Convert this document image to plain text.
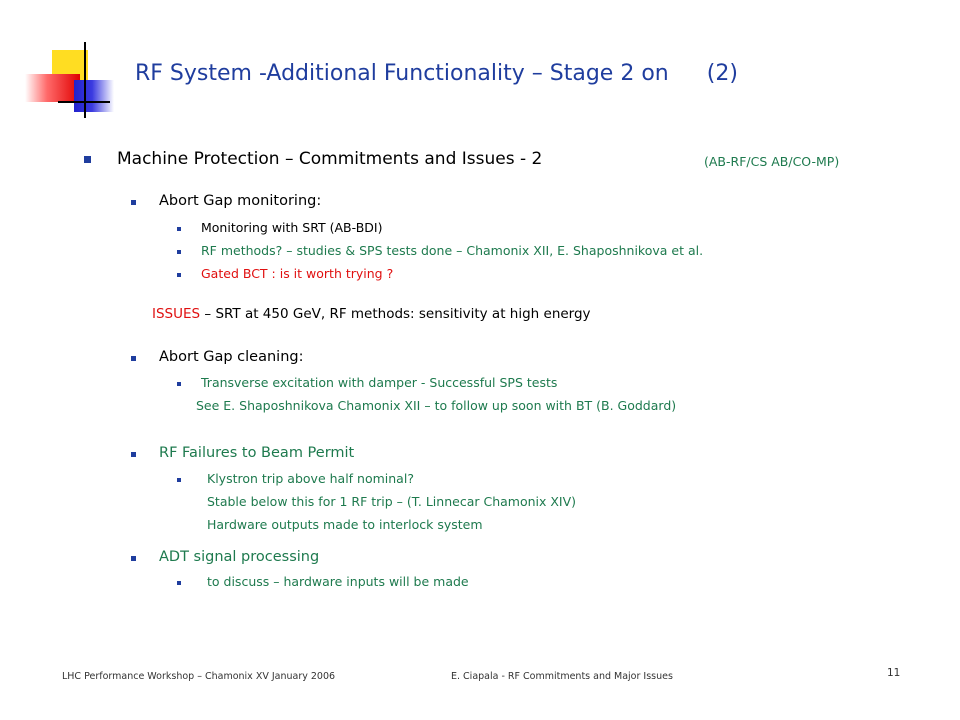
RF System -Additional Functionality – Stage 2 on (2)
Machine Protection – Commitments and Issues - 2	(AB-RF/CS AB/CO-MP)
Abort Gap monitoring:
Monitoring with SRT (AB-BDI)
RF methods? – studies & SPS tests done – Chamonix XII, E. Shaposhnikova et al.
Gated BCT : is it worth trying ?
ISSUES – SRT at 450 GeV, RF methods: sensitivity at high energy
Abort Gap cleaning:
Transverse excitation with damper - Successful SPS tests
See E. Shaposhnikova Chamonix XII – to follow up soon with BT (B. Goddard)
RF Failures to Beam Permit
Klystron trip above half nominal?
Stable below this for 1 RF trip – (T. Linnecar Chamonix XIV)
Hardware outputs made to interlock system
ADT signal processing
to discuss – hardware inputs will be made
LHC Performance Workshop – Chamonix XV January 2006	E. Ciapala - RF Commitments and Major Issues	11
